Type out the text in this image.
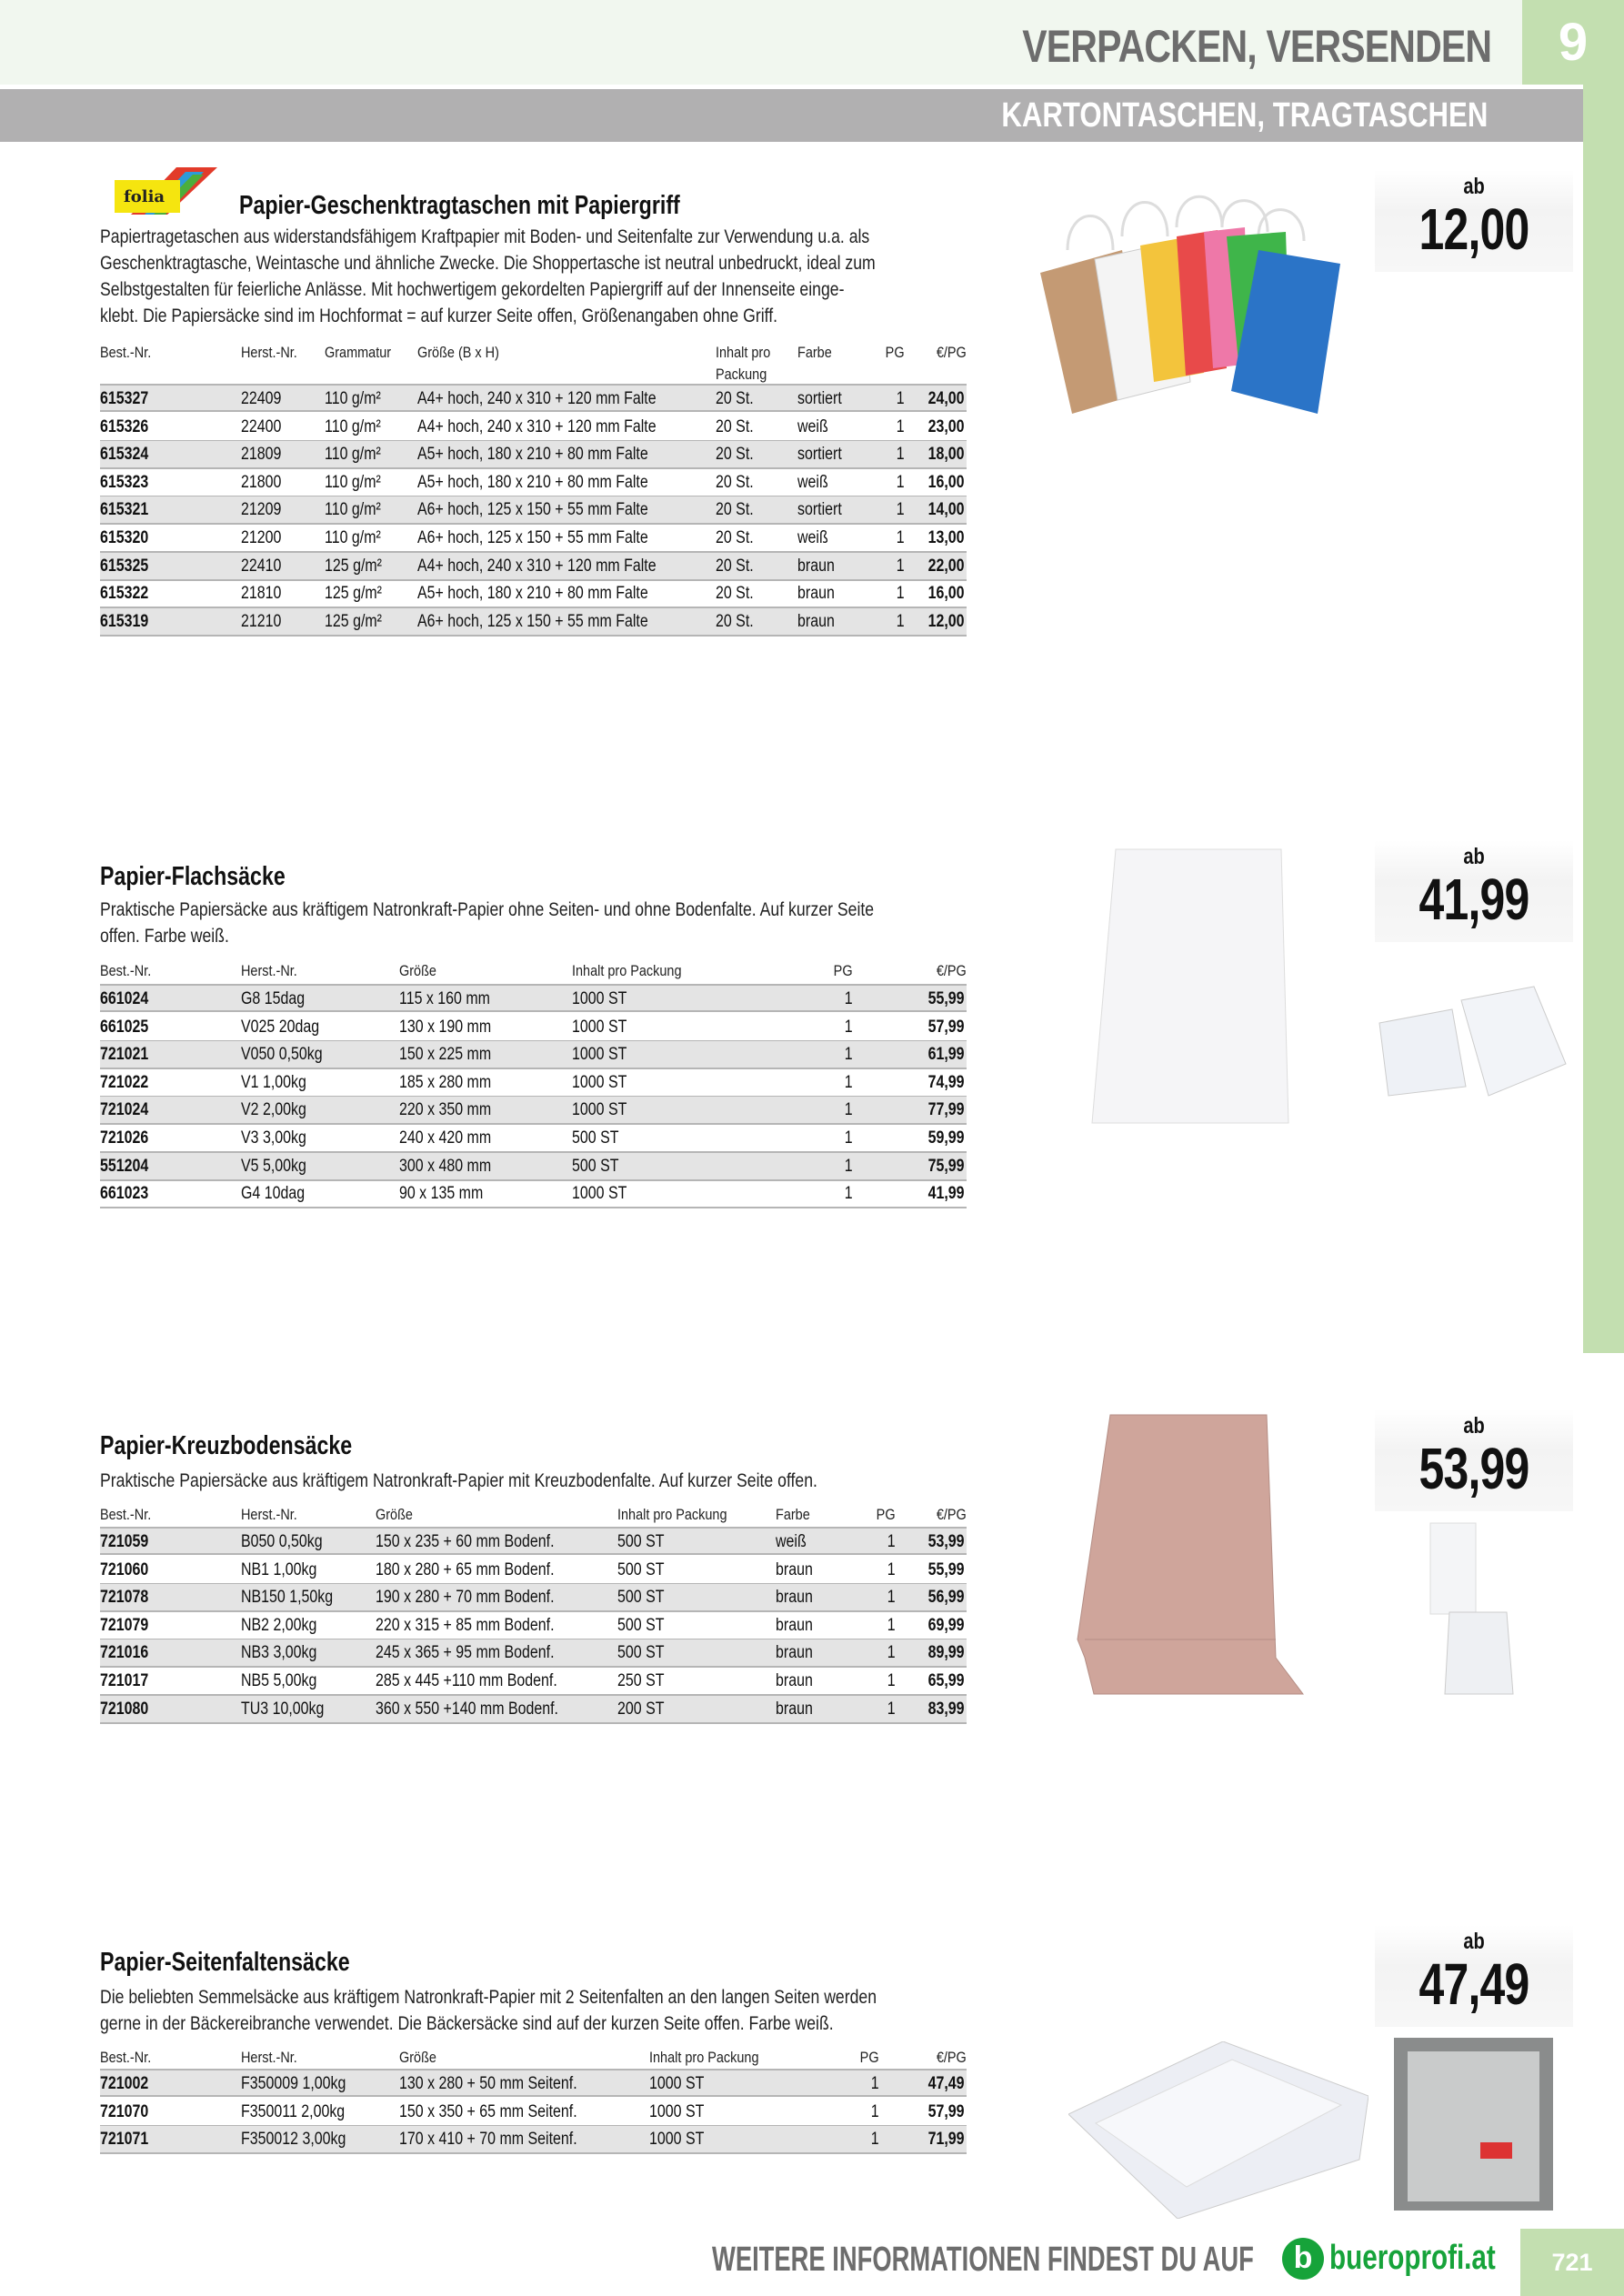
VERPACKEN, VERSENDEN	9
KARTONTASCHEN, TRAGTASCHEN
folia	ab
12,00
ab
41,99
ab
53,99
ab
47,49
Papier-Geschenktragtaschen mit Papiergriff
Papiertragetaschen aus widerstandsfähigem Kraftpapier mit Boden- und Seitenfalte zur Verwendung u.a. als
Geschenktragtasche, Weintasche und ähnliche Zwecke. Die Shoppertasche ist neutral unbedruckt, ideal zum
Selbstgestalten für feierliche Anlässe. Mit hochwertigem gekordelten Papiergriff auf der Innenseite einge-
klebt. Die Papiersäcke sind im Hochformat = auf kurzer Seite offen, Größenangaben ohne Griff.
Best.-Nr.	Herst.-Nr. Grammatur Größe (B x H)	Inhalt pro Packung
Farbe	PG €/PG
615327	22409	110 g/m² A4+ hoch, 240 x 310 + 120 mm Falte	20 St.	sortiert	1 24,00
615326	22400	110 g/m² A4+ hoch, 240 x 310 + 120 mm Falte	20 St.	weiß	1 23,00
615324	21809	110 g/m² A5+ hoch, 180 x 210 + 80 mm Falte	20 St.	sortiert	1 18,00
615323	21800	110 g/m² A5+ hoch, 180 x 210 + 80 mm Falte	20 St.	weiß	1 16,00
615321	21209	110 g/m² A6+ hoch, 125 x 150 + 55 mm Falte	20 St.	sortiert	1 14,00
615320	21200	110 g/m² A6+ hoch, 125 x 150 + 55 mm Falte	20 St.	weiß	1 13,00
615325	22410	125 g/m² A4+ hoch, 240 x 310 + 120 mm Falte	20 St.	braun	1 22,00
615322	21810	125 g/m² A5+ hoch, 180 x 210 + 80 mm Falte	20 St.	braun	1 16,00
615319	21210	125 g/m² A6+ hoch, 125 x 150 + 55 mm Falte	20 St.	braun	1 12,00
Papier-Flachsäcke
Praktische Papiersäcke aus kräftigem Natronkraft-Papier ohne Seiten- und ohne Bodenfalte. Auf kurzer Seite
offen. Farbe weiß.
Best.-Nr.	Herst.-Nr.	Größe	Inhalt pro Packung	PG	€/PG
661024	G8 15dag	115 x 160 mm	1000 ST	1	55,99
661025	V025 20dag	130 x 190 mm	1000 ST	1	57,99
721021	V050 0,50kg	150 x 225 mm	1000 ST	1	61,99
721022	V1 1,00kg	185 x 280 mm	1000 ST	1	74,99
721024	V2 2,00kg	220 x 350 mm	1000 ST	1	77,99
721026	V3 3,00kg	240 x 420 mm	500 ST	1	59,99
551204	V5 5,00kg	300 x 480 mm	500 ST	1	75,99
661023	G4 10dag	90 x 135 mm	1000 ST	1	41,99
Papier-Kreuzbodensäcke
Praktische Papiersäcke aus kräftigem Natronkraft-Papier mit Kreuzbodenfalte. Auf kurzer Seite offen.
Best.-Nr.	Herst.-Nr.	Größe	Inhalt pro Packung	Farbe	PG	€/PG
721059	B050 0,50kg	150 x 235 + 60 mm Bodenf.	500 ST	weiß	1 53,99
721060	NB1 1,00kg	180 x 280 + 65 mm Bodenf.	500 ST	braun	1 55,99
721078	NB150 1,50kg 190 x 280 + 70 mm Bodenf.	500 ST	braun	1 56,99
721079	NB2 2,00kg	220 x 315 + 85 mm Bodenf.	500 ST	braun	1 69,99
721016	NB3 3,00kg	245 x 365 + 95 mm Bodenf.	500 ST	braun	1 89,99
721017	NB5 5,00kg	285 x 445 +110 mm Bodenf.	250 ST	braun	1 65,99
721080	TU3 10,00kg	360 x 550 +140 mm Bodenf.	200 ST	braun	1 83,99
Papier-Seitenfaltensäcke
Die beliebten Semmelsäcke aus kräftigem Natronkraft-Papier mit 2 Seitenfalten an den langen Seiten werden
gerne in der Bäckereibranche verwendet. Die Bäckersäcke sind auf der kurzen Seite offen. Farbe weiß.
Best.-Nr.	Herst.-Nr.	Größe	Inhalt pro Packung	PG	€/PG
721002	F350009 1,00kg	130 x 280 + 50 mm Seitenf.	1000 ST	1	47,49
721070	F350011 2,00kg	150 x 350 + 65 mm Seitenf.	1000 ST	1	57,99
721071	F350012 3,00kg	170 x 410 + 70 mm Seitenf.	1000 ST	1	71,99
WEITERE INFORMATIONEN FINDEST DU AUF	b bueroprofi.at	721
